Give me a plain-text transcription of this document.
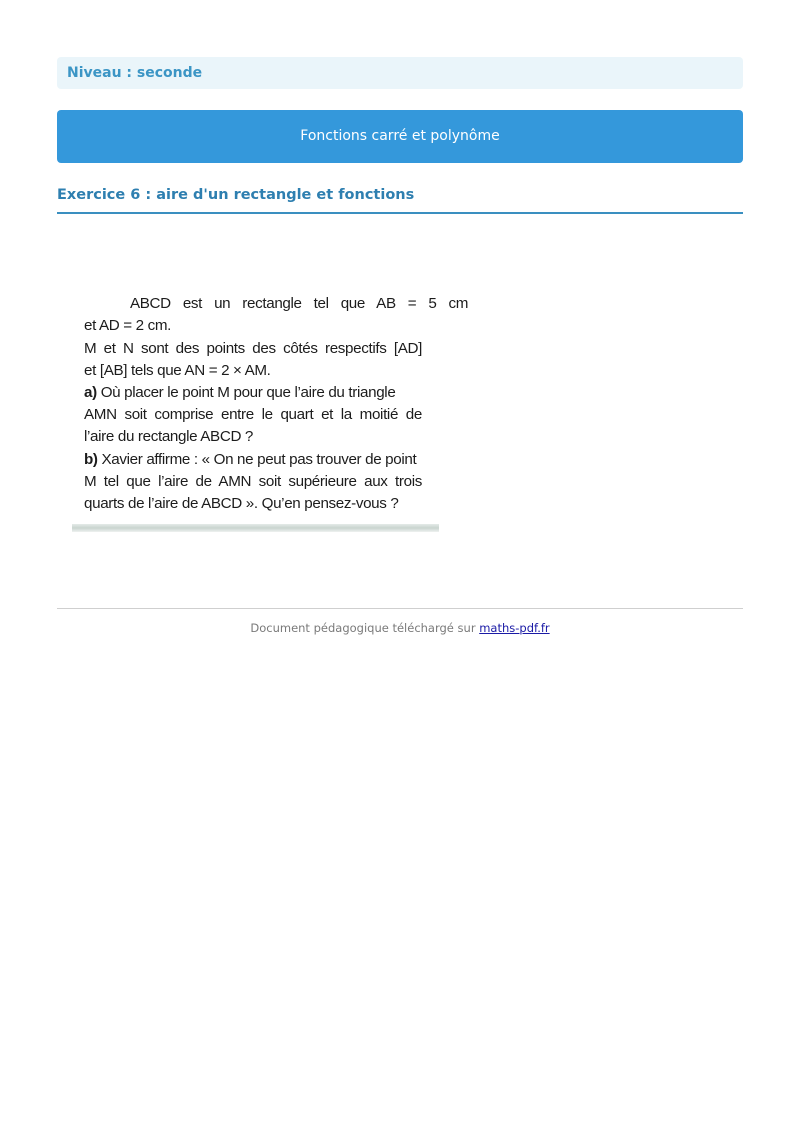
Niveau : seconde
Fonctions carré et polynôme
Exercice 6 : aire d'un rectangle et fonctions
ABCD est un rectangle tel que AB = 5 cm
et AD = 2 cm.
M et N sont des points des côtés respectifs [AD]
et [AB] tels que AN = 2 × AM.
a) Où placer le point M pour que l’aire du triangle
AMN soit comprise entre le quart et la moitié de
l’aire du rectangle ABCD ?
b) Xavier affirme : « On ne peut pas trouver de point
M tel que l’aire de AMN soit supérieure aux trois
quarts de l’aire de ABCD ». Qu’en pensez-vous ?
Document pédagogique téléchargé sur maths-pdf.fr
